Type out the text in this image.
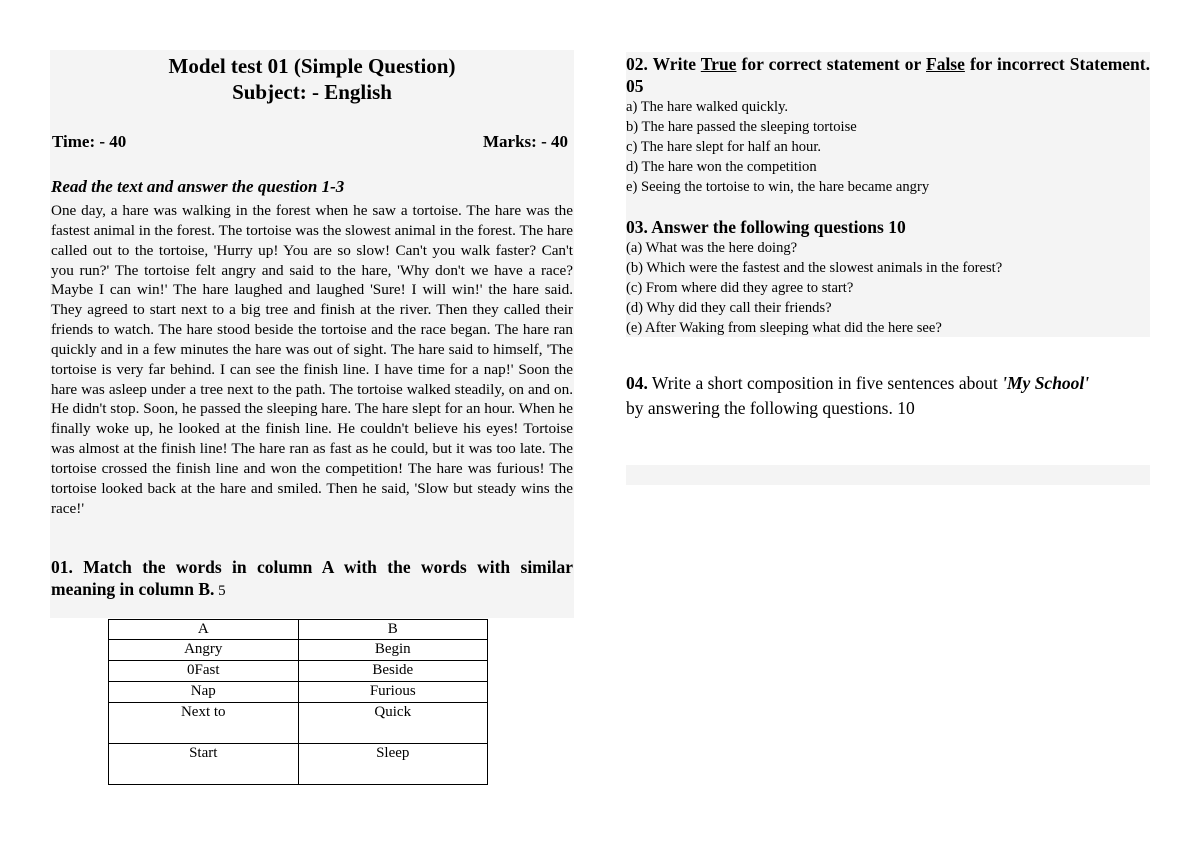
Model test 01 (Simple Question)
Subject: - English
Time: - 40	Marks: - 40
Read the text and answer the question 1-3
One day, a hare was walking in the forest when he saw a tortoise. The hare was the fastest animal in the forest. The tortoise was the slowest animal in the forest. The hare called out to the tortoise, 'Hurry up! You are so slow! Can't you walk faster? Can't you run?' The tortoise felt angry and said to the hare, 'Why don't we have a race? Maybe I can win!' The hare laughed and laughed 'Sure! I will win!' the hare said. They agreed to start next to a big tree and finish at the river. Then they called their friends to watch. The hare stood beside the tortoise and the race began. The hare ran quickly and in a few minutes the hare was out of sight. The hare said to himself, 'The tortoise is very far behind. I can see the finish line. I have time for a nap!' Soon the hare was asleep under a tree next to the path. The tortoise walked steadily, on and on. He didn't stop. Soon, he passed the sleeping hare. The hare slept for an hour. When he finally woke up, he looked at the finish line. He couldn't believe his eyes! Tortoise was almost at the finish line! The hare ran as fast as he could, but it was too late. The tortoise crossed the finish line and won the competition! The hare was furious! The tortoise looked back at the hare and smiled. Then he said, 'Slow but steady wins the race!'
01. Match the words in column A with the words with similar meaning in column B. 5
A	B
Angry	Begin
0Fast	Beside
Nap	Furious
Next to	Quick
Start	Sleep
02. Write True for correct statement or False for incorrect Statement. 05
a) The hare walked quickly.
b) The hare passed the sleeping tortoise
c) The hare slept for half an hour.
d) The hare won the competition
e) Seeing the tortoise to win, the hare became angry
03. Answer the following questions 10
(a) What was the here doing?
(b) Which were the fastest and the slowest animals in the forest?
(c) From where did they agree to start?
(d) Why did they call their friends?
(e) After Waking from sleeping what did the here see?
04. Write a short composition in five sentences about 'My School' by answering the following questions. 10
